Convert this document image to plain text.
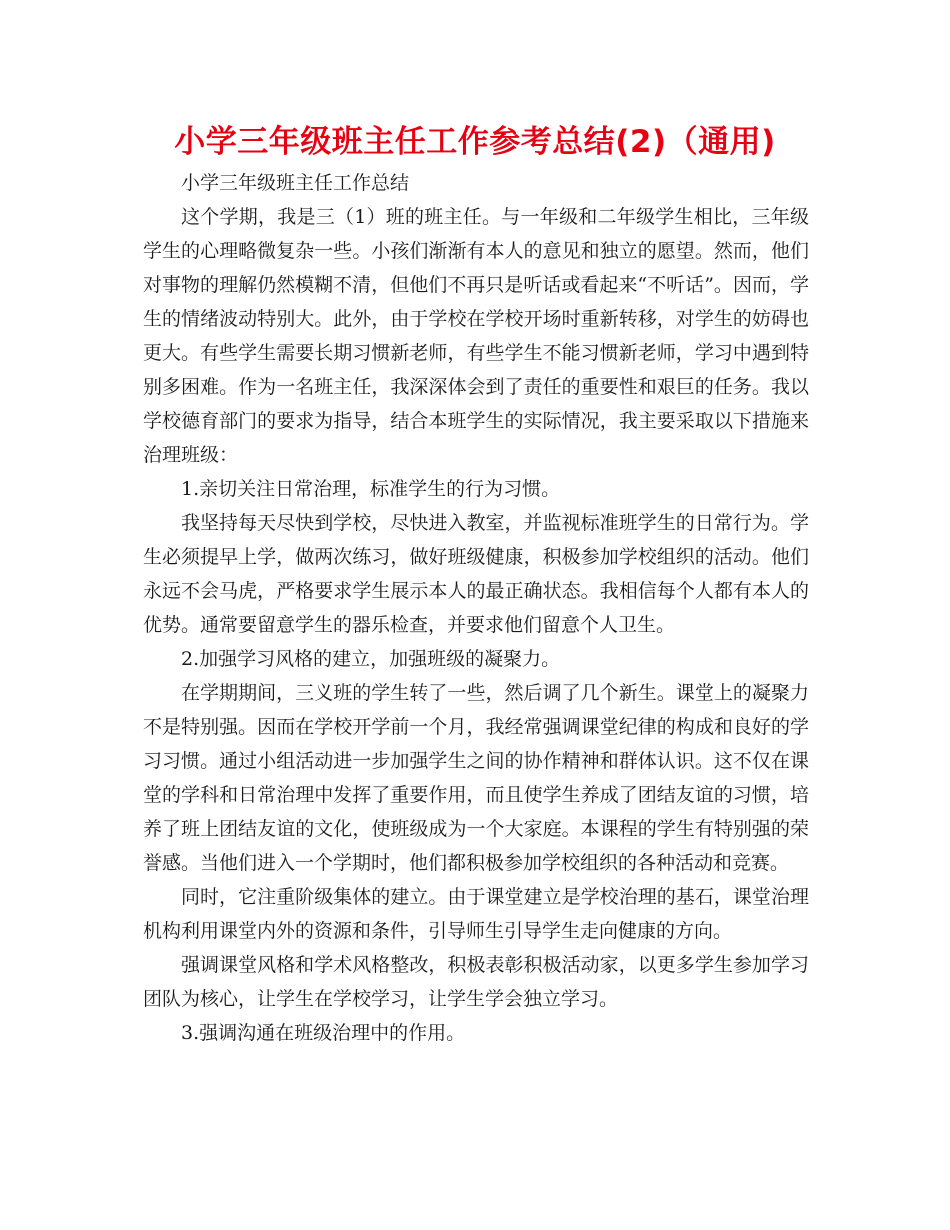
小学三年级班主任工作参考总结(2)（通用)

小学三年级班主任工作总结

这个学期，我是三（1）班的班主任。与一年级和二年级学生相比，三年级学生的心理略微复杂一些。小孩们渐渐有本人的意见和独立的愿望。然而，他们对事物的理解仍然模糊不清，但他们不再只是听话或看起来“不听话”。因而，学生的情绪波动特别大。此外，由于学校在学校开场时重新转移，对学生的妨碍也更大。有些学生需要长期习惯新老师，有些学生不能习惯新老师，学习中遇到特别多困难。作为一名班主任，我深深体会到了责任的重要性和艰巨的任务。我以学校德育部门的要求为指导，结合本班学生的实际情况，我主要采取以下措施来治理班级：

1.亲切关注日常治理，标准学生的行为习惯。

我坚持每天尽快到学校，尽快进入教室，并监视标准班学生的日常行为。学生必须提早上学，做两次练习，做好班级健康，积极参加学校组织的活动。他们永远不会马虎，严格要求学生展示本人的最正确状态。我相信每个人都有本人的优势。通常要留意学生的器乐检查，并要求他们留意个人卫生。

2.加强学习风格的建立，加强班级的凝聚力。

在学期期间，三义班的学生转了一些，然后调了几个新生。课堂上的凝聚力不是特别强。因而在学校开学前一个月，我经常强调课堂纪律的构成和良好的学习习惯。通过小组活动进一步加强学生之间的协作精神和群体认识。这不仅在课堂的学科和日常治理中发挥了重要作用，而且使学生养成了团结友谊的习惯，培养了班上团结友谊的文化，使班级成为一个大家庭。本课程的学生有特别强的荣誉感。当他们进入一个学期时，他们都积极参加学校组织的各种活动和竞赛。

同时，它注重阶级集体的建立。由于课堂建立是学校治理的基石，课堂治理机构利用课堂内外的资源和条件，引导师生引导学生走向健康的方向。

强调课堂风格和学术风格整改，积极表彰积极活动家，以更多学生参加学习团队为核心，让学生在学校学习，让学生学会独立学习。

3.强调沟通在班级治理中的作用。
